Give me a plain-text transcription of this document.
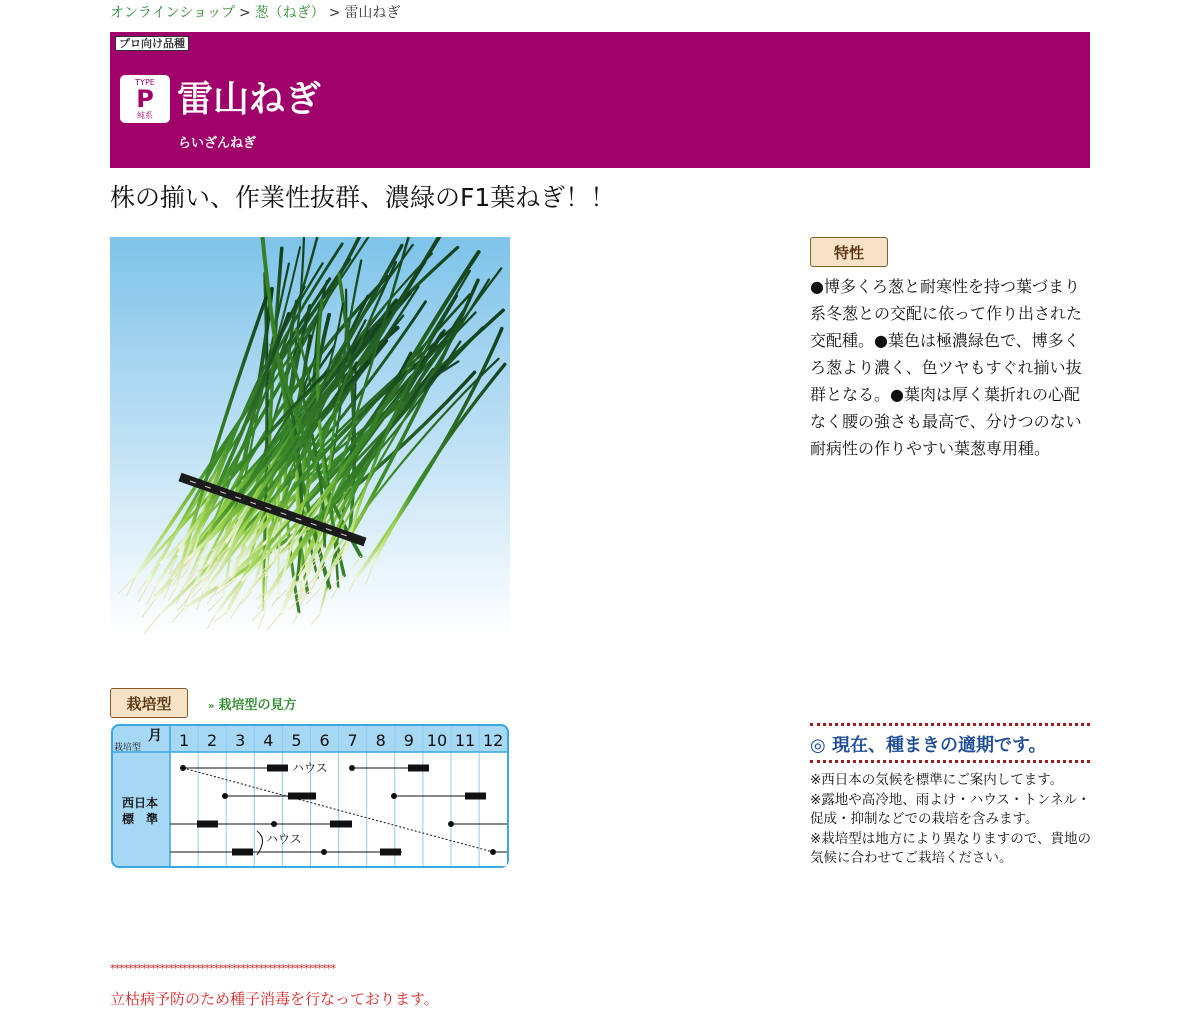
オンラインショップ > 葱（ねぎ） > 雷山ねぎ
プロ向け品種
TYPE
P
純系 雷山ねぎ
らいざんねぎ
株の揃い、作業性抜群、濃緑のF1葉ねぎ！！
特性
●博多くろ葱と耐寒性を持つ葉づまり系冬葱との交配に依って作り出された交配種。●葉色は極濃緑色で、博多くろ葱より濃く、色ツヤもすぐれ揃い抜群となる。●葉肉は厚く葉折れの心配なく腰の強さも最高で、分けつのない耐病性の作りやすい葉葱専用種。
栽培型	» 栽培型の見方
1 2 3 4 5 6 7 8 9 10 11 12
月
栽培型
西日本
標　準
ハウス
ハウス
◎ 現在、種まきの適期です。
※西日本の気候を標準にご案内してます。
※露地や高冷地、雨よけ・ハウス・トンネル・促成・抑制などでの栽培を含みます。
※栽培型は地方により異なりますので、貴地の気候に合わせてご栽培ください。
**************************************************
立枯病予防のため種子消毒を行なっております。
